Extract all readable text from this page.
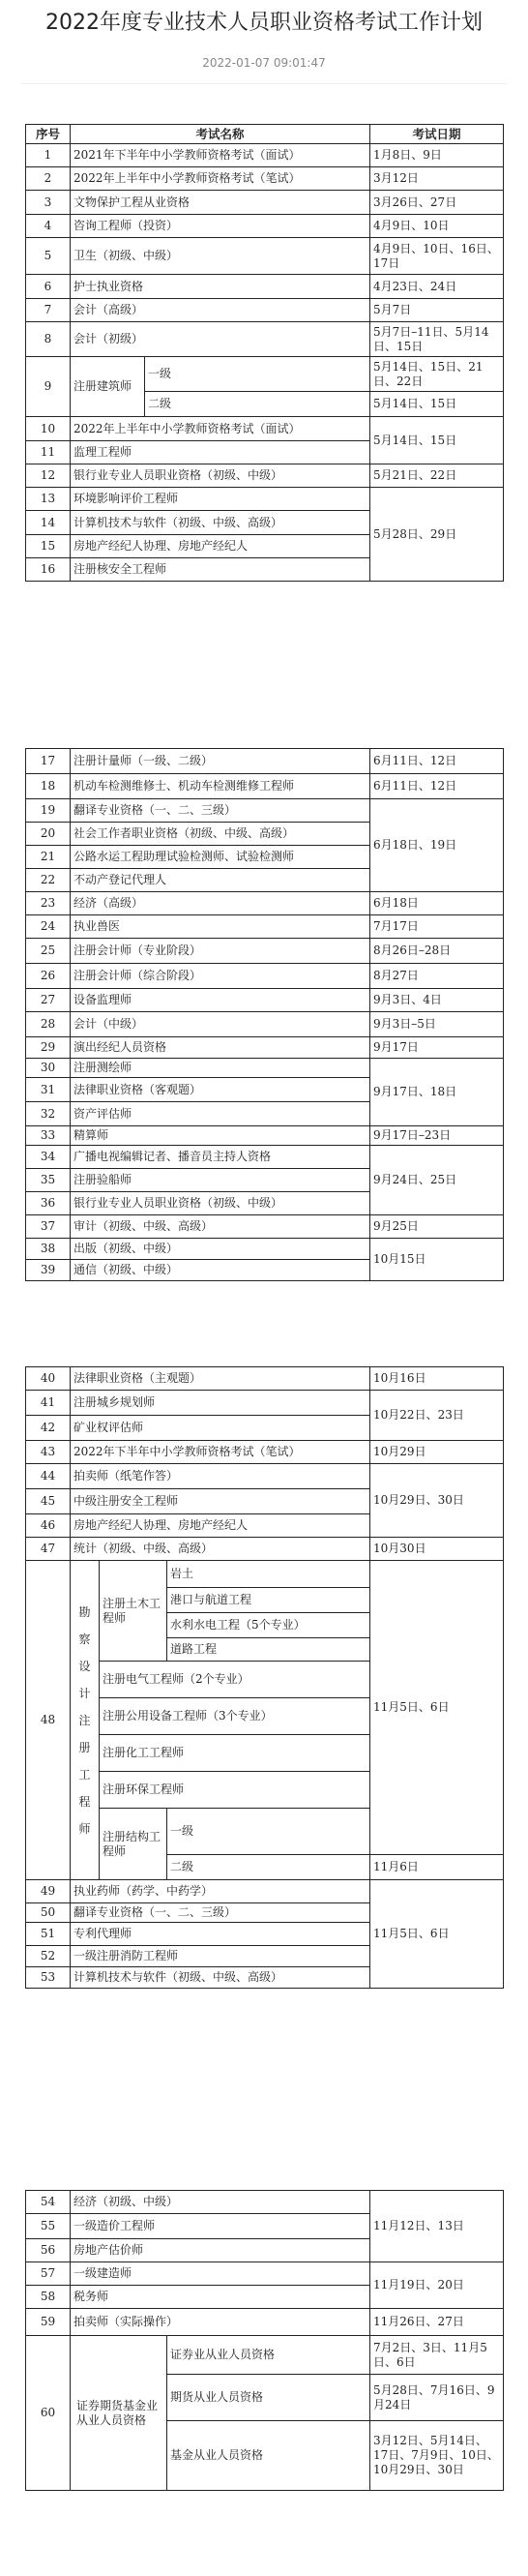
2022年度专业技术人员职业资格考试工作计划
2022-01-07 09:01:47
序号	考试名称		考试日期
1	2021年下半年中小学教师资格考试（面试）		1月8日、9日
2	2022年上半年中小学教师资格考试（笔试）		3月12日
3	文物保护工程从业资格		3月26日、27日
4	咨询工程师（投资）		4月9日、10日
5	卫生（初级、中级）		4月9日、10日、16日、17日
6	护士执业资格		4月23日、24日
7	会计（高级）		5月7日
8	会计（初级）		5月7日–11日、5月14日、15日
9	注册建筑师	一级	5月14日、15日、21日、22日
		二级	5月14日、15日
10	2022年上半年中小学教师资格考试（面试）		5月14日、15日
11	监理工程师		
12	银行业专业人员职业资格（初级、中级）		5月21日、22日
13	环境影响评价工程师		5月28日、29日
14	计算机技术与软件（初级、中级、高级）		
15	房地产经纪人协理、房地产经纪人		
16	注册核安全工程师		
17	注册计量师（一级、二级）	6月11日、12日
18	机动车检测维修士、机动车检测维修工程师	6月11日、12日
19	翻译专业资格（一、二、三级）	6月18日、19日
20	社会工作者职业资格（初级、中级、高级）	
21	公路水运工程助理试验检测师、试验检测师	
22	不动产登记代理人	
23	经济（高级）	6月18日
24	执业兽医	7月17日
25	注册会计师（专业阶段）	8月26日–28日
26	注册会计师（综合阶段）	8月27日
27	设备监理师	9月3日、4日
28	会计（中级）	9月3日–5日
29	演出经纪人员资格	9月17日
30	注册测绘师	9月17日、18日
31	法律职业资格（客观题）	
32	资产评估师	
33	精算师	9月17日–23日
34	广播电视编辑记者、播音员主持人资格	9月24日、25日
35	注册验船师	
36	银行业专业人员职业资格（初级、中级）	
37	审计（初级、中级、高级）	9月25日
38	出版（初级、中级）	10月15日
39	通信（初级、中级）	
40	法律职业资格（主观题）			10月16日
41	注册城乡规划师			10月22日、23日
42	矿业权评估师			
43	2022年下半年中小学教师资格考试（笔试）			10月29日
44	拍卖师（纸笔作答）			10月29日、30日
45	中级注册安全工程师			
46	房地产经纪人协理、房地产经纪人			
47	统计（初级、中级、高级）			10月30日
48	勘察设计注册工程师	注册土木工程师	岩土	11月5日、6日
			港口与航道工程	
			水利水电工程（5个专业）	
			道路工程	
		注册电气工程师（2个专业）		
		注册公用设备工程师（3个专业）		
		注册化工工程师		
		注册环保工程师		
		注册结构工程师	一级	

			二级	11月6日
49	执业药师（药学、中药学）			11月5日、6日
50	翻译专业资格（一、二、三级）			
51	专利代理师			
52	一级注册消防工程师			
53	计算机技术与软件（初级、中级、高级）			
54	经济（初级、中级）		11月12日、13日
55	一级造价工程师		
56	房地产估价师		
57	一级建造师		11月19日、20日
58	税务师		
59	拍卖师（实际操作）		11月26日、27日
60	证券期货基金业从业人员资格	证券业从业人员资格	7月2日、3日、11月5日、6日
		期货从业人员资格	5月28日、7月16日、9月24日
		基金从业人员资格	3月12日、5月14日、17日、7月9日、10日、10月29日、30日
